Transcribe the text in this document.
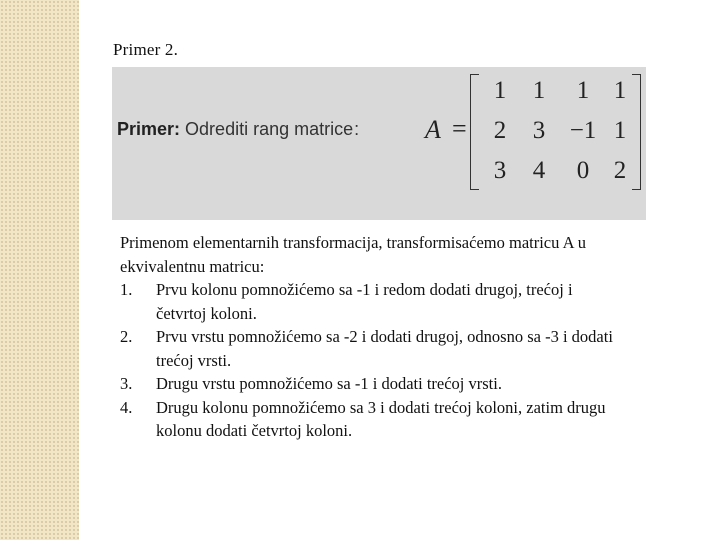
Primer 2.
Primer: Odrediti rang matrice:	A =
1	1	1 1
2	3 −1 1
3	4	0 2

Primenom elementarnih transformacija, transformisaćemo matricu A u ekvivalentnu matricu:

1. Prvu kolonu pomnožićemo sa -1 i redom dodati drugoj, trećoj i četvrtoj koloni.
2. Prvu vrstu pomnožićemo sa -2 i dodati drugoj, odnosno sa -3 i dodati trećoj vrsti.
3. Drugu vrstu pomnožićemo sa -1 i dodati trećoj vrsti.
4. Drugu kolonu pomnožićemo sa 3 i dodati trećoj koloni, zatim drugu kolonu dodati četvrtoj koloni.
